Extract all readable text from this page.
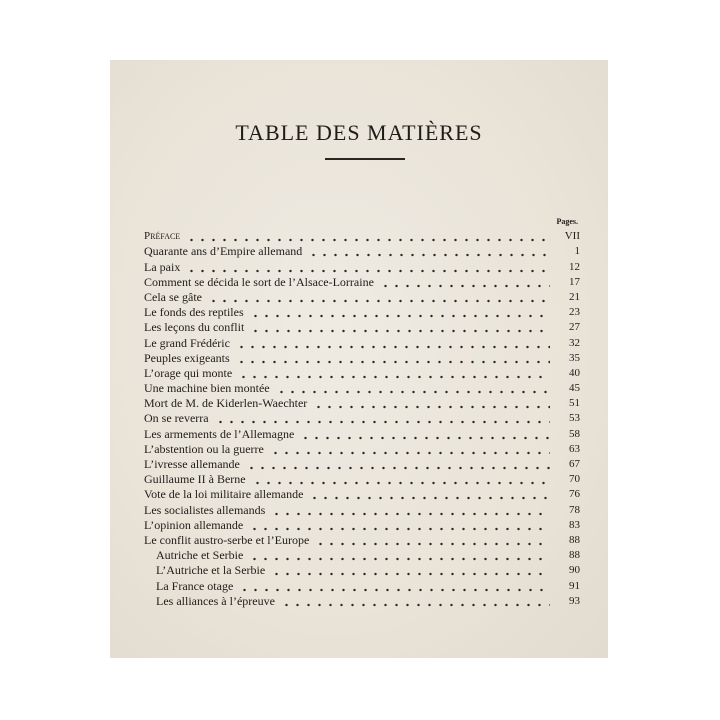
TABLE DES MATIÈRES
Pages.
Préface	VII
Quarante ans d’Empire allemand	1
La paix	12
Comment se décida le sort de l’Alsace-Lorraine	17
Cela se gâte	21
Le fonds des reptiles	23
Les leçons du conflit	27
Le grand Frédéric	32
Peuples exigeants	35
L’orage qui monte	40
Une machine bien montée	45
Mort de M. de Kiderlen-Waechter	51
On se reverra	53
Les armements de l’Allemagne	58
L’abstention ou la guerre	63
L’ivresse allemande	67
Guillaume II à Berne	70
Vote de la loi militaire allemande	76
Les socialistes allemands	78
L’opinion allemande	83
Le conflit austro-serbe et l’Europe	88
Autriche et Serbie	88
L’Autriche et la Serbie	90
La France otage	91
Les alliances à l’épreuve	93
